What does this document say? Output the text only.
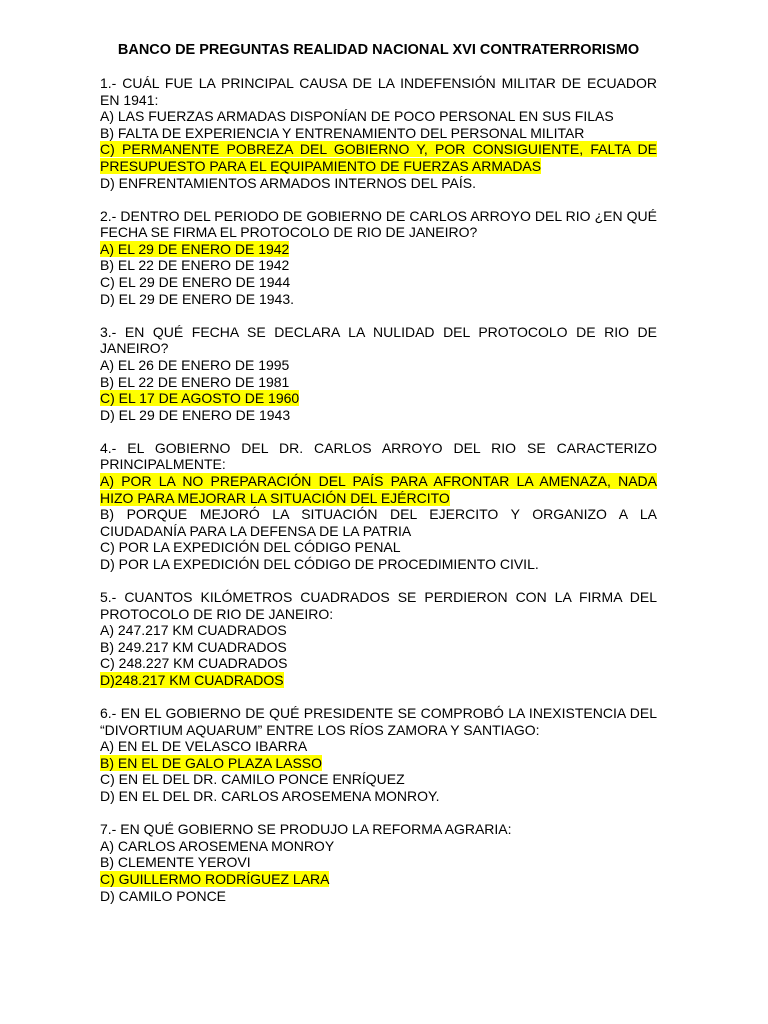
BANCO DE PREGUNTAS REALIDAD NACIONAL XVI CONTRATERRORISMO
1.- CUÁL FUE LA PRINCIPAL CAUSA DE LA INDEFENSIÓN MILITAR DE ECUADOR EN 1941:
A) LAS FUERZAS ARMADAS DISPONÍAN DE POCO PERSONAL EN SUS FILAS
B) FALTA DE EXPERIENCIA Y ENTRENAMIENTO DEL PERSONAL MILITAR
C) PERMANENTE POBREZA DEL GOBIERNO Y, POR CONSIGUIENTE, FALTA DE PRESUPUESTO PARA EL EQUIPAMIENTO DE FUERZAS ARMADAS
D) ENFRENTAMIENTOS ARMADOS INTERNOS DEL PAÍS.
2.- DENTRO DEL PERIODO DE GOBIERNO DE CARLOS ARROYO DEL RIO ¿EN QUÉ FECHA SE FIRMA EL PROTOCOLO DE RIO DE JANEIRO?
A) EL 29 DE ENERO DE 1942
B) EL 22 DE ENERO DE 1942
C) EL 29 DE ENERO DE 1944
D) EL 29 DE ENERO DE 1943.
3.- EN QUÉ FECHA SE DECLARA LA NULIDAD DEL PROTOCOLO DE RIO DE JANEIRO?
A) EL 26 DE ENERO DE 1995
B) EL 22 DE ENERO DE 1981
C) EL 17 DE AGOSTO DE 1960
D) EL 29 DE ENERO DE 1943
4.- EL GOBIERNO DEL DR. CARLOS ARROYO DEL RIO SE CARACTERIZO PRINCIPALMENTE:
A) POR LA NO PREPARACIÓN DEL PAÍS PARA AFRONTAR LA AMENAZA, NADA HIZO PARA MEJORAR LA SITUACIÓN DEL EJÉRCITO
B) PORQUE MEJORÓ LA SITUACIÓN DEL EJERCITO Y ORGANIZO A LA CIUDADANÍA PARA LA DEFENSA DE LA PATRIA
C) POR LA EXPEDICIÓN DEL CÓDIGO PENAL
D) POR LA EXPEDICIÓN DEL CÓDIGO DE PROCEDIMIENTO CIVIL.
5.- CUANTOS KILÓMETROS CUADRADOS SE PERDIERON CON LA FIRMA DEL PROTOCOLO DE RIO DE JANEIRO:
A) 247.217 KM CUADRADOS
B) 249.217 KM CUADRADOS
C) 248.227 KM CUADRADOS
D)248.217 KM CUADRADOS
6.- EN EL GOBIERNO DE QUÉ PRESIDENTE SE COMPROBÓ LA INEXISTENCIA DEL “DIVORTIUM AQUARUM” ENTRE LOS RÍOS ZAMORA Y SANTIAGO:
A) EN EL DE VELASCO IBARRA
B) EN EL DE GALO PLAZA LASSO
C) EN EL DEL DR. CAMILO PONCE ENRÍQUEZ
D) EN EL DEL DR. CARLOS AROSEMENA MONROY.
7.- EN QUÉ GOBIERNO SE PRODUJO LA REFORMA AGRARIA:
A) CARLOS AROSEMENA MONROY
B) CLEMENTE YEROVI
C) GUILLERMO RODRÍGUEZ LARA
D) CAMILO PONCE
